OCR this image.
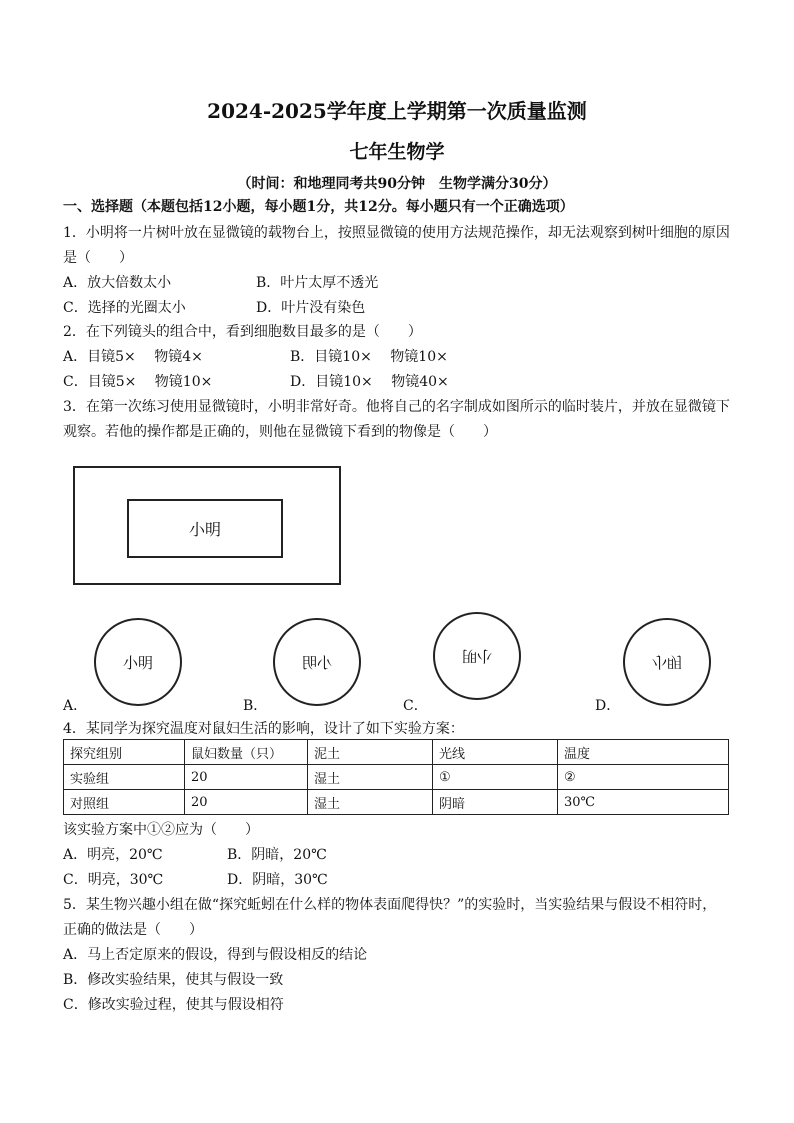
2024-2025学年度上学期第一次质量监测
七年生物学
（时间：和地理同考共90分钟　生物学满分30分）
一、选择题（本题包括12小题，每小题1分，共12分。每小题只有一个正确选项）
1．小明将一片树叶放在显微镜的载物台上，按照显微镜的使用方法规范操作，却无法观察到树叶细胞的原因
是（　　）
A．放大倍数太小	B．叶片太厚不透光
C．选择的光圈太小	D．叶片没有染色
2．在下列镜头的组合中，看到细胞数目最多的是（　　）
A．目镜5×　 物镜4×	B．目镜10×　 物镜10×
C．目镜5×　 物镜10×	D．目镜10×　 物镜40×
3．在第一次练习使用显微镜时，小明非常好奇。他将自己的名字制成如图所示的临时装片，并放在显微镜下
观察。若他的操作都是正确的，则他在显微镜下看到的物像是（　　）
小明
小明	小明	小明	小明
A．	B．	C．	D．
4．某同学为探究温度对鼠妇生活的影响，设计了如下实验方案：
探究组别	鼠妇数量（只）	泥土	光线	温度
实验组	20	湿土	①	②
对照组	20	湿土	阴暗	30℃
该实验方案中①②应为（　　）
A．明亮，20℃	B．阴暗，20℃
C．明亮，30℃	D．阴暗，30℃
5．某生物兴趣小组在做“探究蚯蚓在什么样的物体表面爬得快？”的实验时，当实验结果与假设不相符时，
正确的做法是（　　）
A．马上否定原来的假设，得到与假设相反的结论
B．修改实验结果，使其与假设一致
C．修改实验过程，使其与假设相符
